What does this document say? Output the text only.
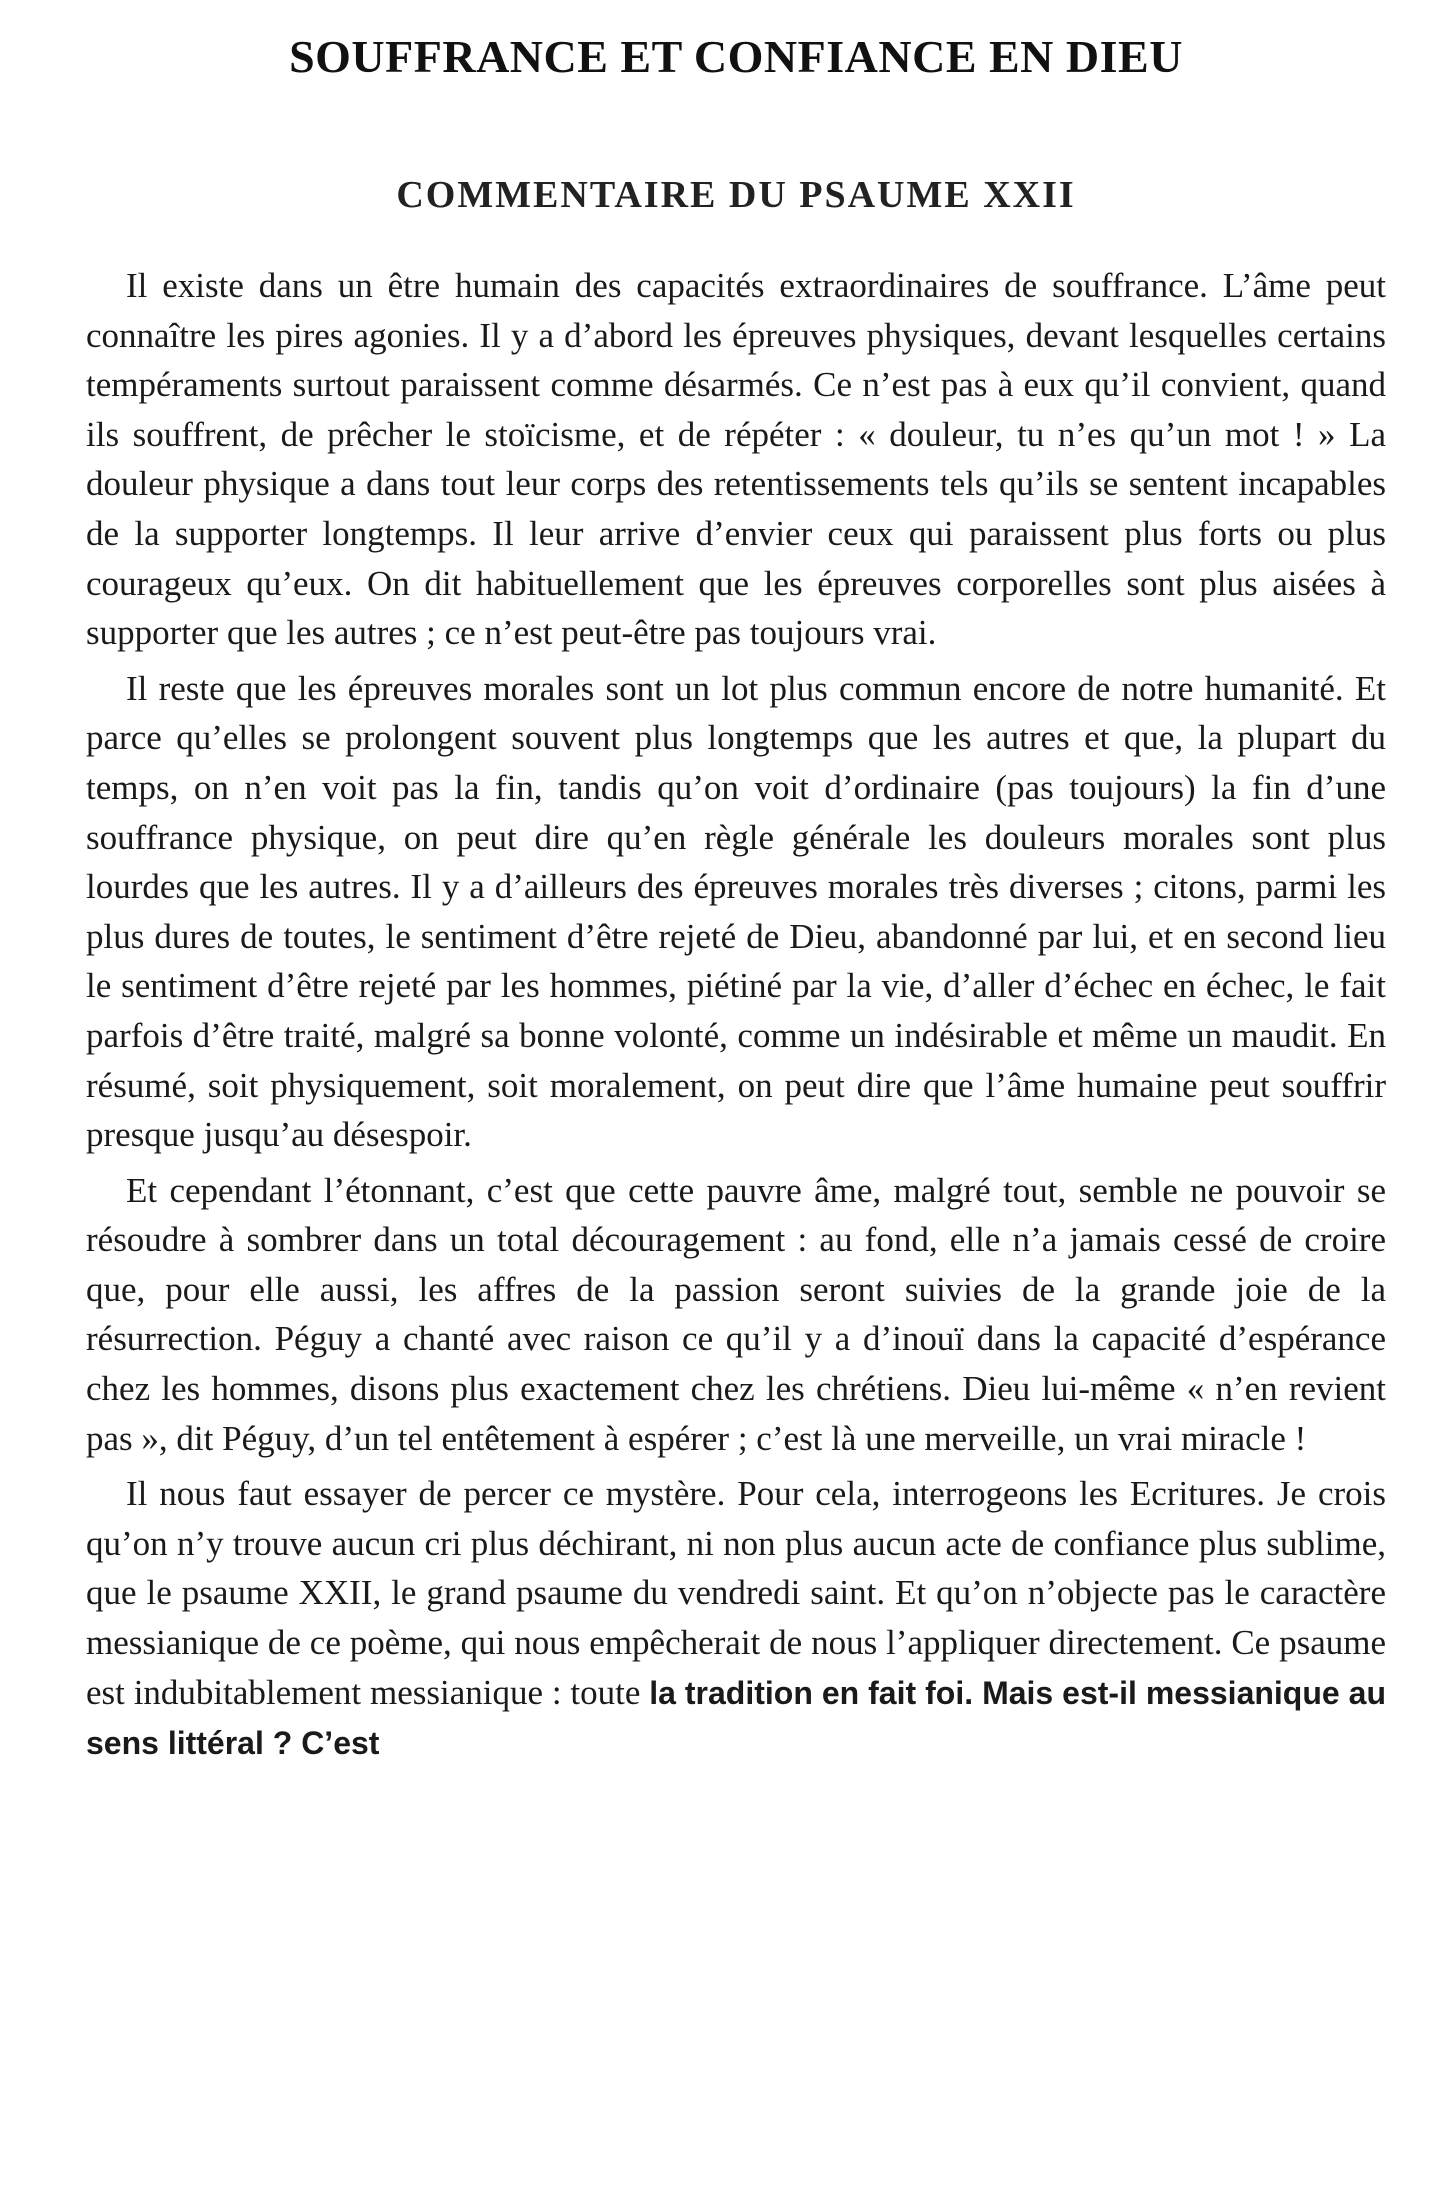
SOUFFRANCE ET CONFIANCE EN DIEU
COMMENTAIRE DU PSAUME XXII

Il existe dans un être humain des capacités extraordinaires de souffrance. L’âme peut connaître les pires agonies. Il y a d’abord les épreuves physiques, devant lesquelles certains tempéraments surtout paraissent comme désarmés. Ce n’est pas à eux qu’il convient, quand ils souffrent, de prêcher le stoïcisme, et de répéter : « douleur, tu n’es qu’un mot ! » La douleur physique a dans tout leur corps des retentissements tels qu’ils se sentent incapables de la supporter longtemps. Il leur arrive d’envier ceux qui paraissent plus forts ou plus courageux qu’eux. On dit habituellement que les épreuves corporelles sont plus aisées à supporter que les autres ; ce n’est peut-être pas toujours vrai.

Il reste que les épreuves morales sont un lot plus commun encore de notre humanité. Et parce qu’elles se prolongent souvent plus longtemps que les autres et que, la plupart du temps, on n’en voit pas la fin, tandis qu’on voit d’ordinaire (pas toujours) la fin d’une souffrance physique, on peut dire qu’en règle générale les douleurs morales sont plus lourdes que les autres. Il y a d’ailleurs des épreuves morales très diverses ; citons, parmi les plus dures de toutes, le sentiment d’être rejeté de Dieu, abandonné par lui, et en second lieu le sentiment d’être rejeté par les hommes, piétiné par la vie, d’aller d’échec en échec, le fait parfois d’être traité, malgré sa bonne volonté, comme un indésirable et même un maudit. En résumé, soit physiquement, soit moralement, on peut dire que l’âme humaine peut souffrir presque jusqu’au désespoir.

Et cependant l’étonnant, c’est que cette pauvre âme, malgré tout, semble ne pouvoir se résoudre à sombrer dans un total découragement : au fond, elle n’a jamais cessé de croire que, pour elle aussi, les affres de la passion seront suivies de la grande joie de la résurrection. Péguy a chanté avec raison ce qu’il y a d’inouï dans la capacité d’espérance chez les hommes, disons plus exactement chez les chrétiens. Dieu lui-même « n’en revient pas », dit Péguy, d’un tel entêtement à espérer ; c’est là une merveille, un vrai miracle !

Il nous faut essayer de percer ce mystère. Pour cela, interrogeons les Ecritures. Je crois qu’on n’y trouve aucun cri plus déchirant, ni non plus aucun acte de confiance plus sublime, que le psaume XXII, le grand psaume du vendredi saint. Et qu’on n’objecte pas le caractère messianique de ce poème, qui nous empêcherait de nous l’appliquer directement. Ce psaume est indubitablement messianique : toute la tradition en fait foi. Mais est-il messianique au sens littéral ? C’est
